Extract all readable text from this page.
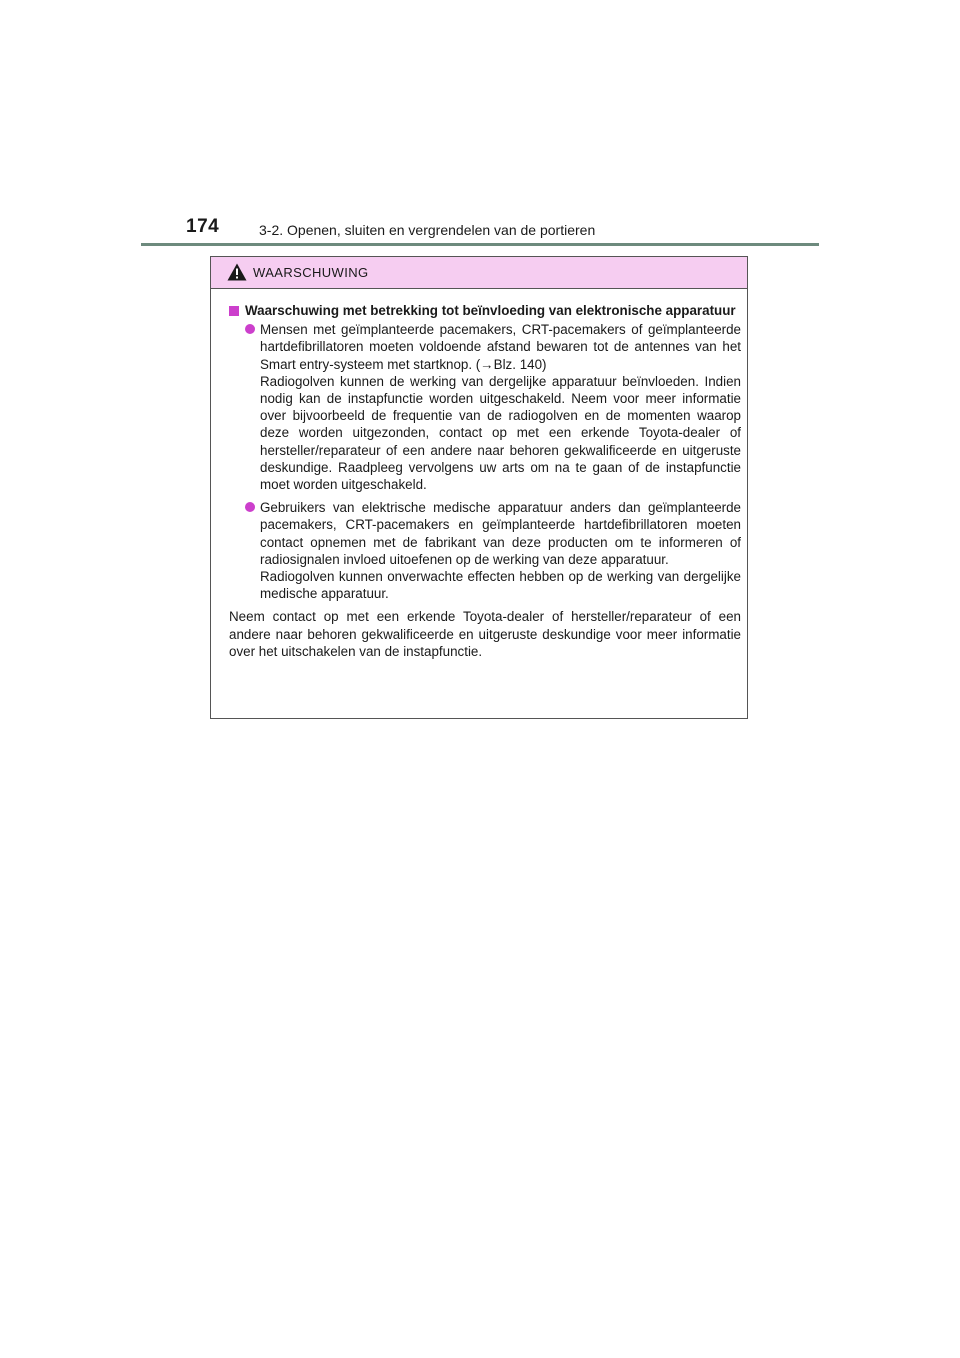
174	3-2. Openen, sluiten en vergrendelen van de portieren
WAARSCHUWING
Waarschuwing met betrekking tot beïnvloeding van elektronische apparatuur

Mensen met geïmplanteerde pacemakers, CRT-pacemakers of geïmplanteerde hartdefibrillatoren moeten voldoende afstand bewaren tot de antennes van het Smart entry-systeem met startknop. (→Blz. 140)

Radiogolven kunnen de werking van dergelijke apparatuur beïnvloeden. Indien nodig kan de instapfunctie worden uitgeschakeld. Neem voor meer informatie over bijvoorbeeld de frequentie van de radiogolven en de momenten waarop deze worden uitgezonden, contact op met een erkende Toyota-dealer of hersteller/reparateur of een andere naar behoren gekwalificeerde en uitgeruste deskundige. Raadpleeg vervolgens uw arts om na te gaan of de instapfunctie moet worden uitgeschakeld.

Gebruikers van elektrische medische apparatuur anders dan geïmplanteerde pacemakers, CRT-pacemakers en geïmplanteerde hartdefibrillatoren moeten contact opnemen met de fabrikant van deze producten om te informeren of radiosignalen invloed uitoefenen op de werking van deze apparatuur.

Radiogolven kunnen onverwachte effecten hebben op de werking van dergelijke medische apparatuur.

Neem contact op met een erkende Toyota-dealer of hersteller/reparateur of een andere naar behoren gekwalificeerde en uitgeruste deskundige voor meer informatie over het uitschakelen van de instapfunctie.
